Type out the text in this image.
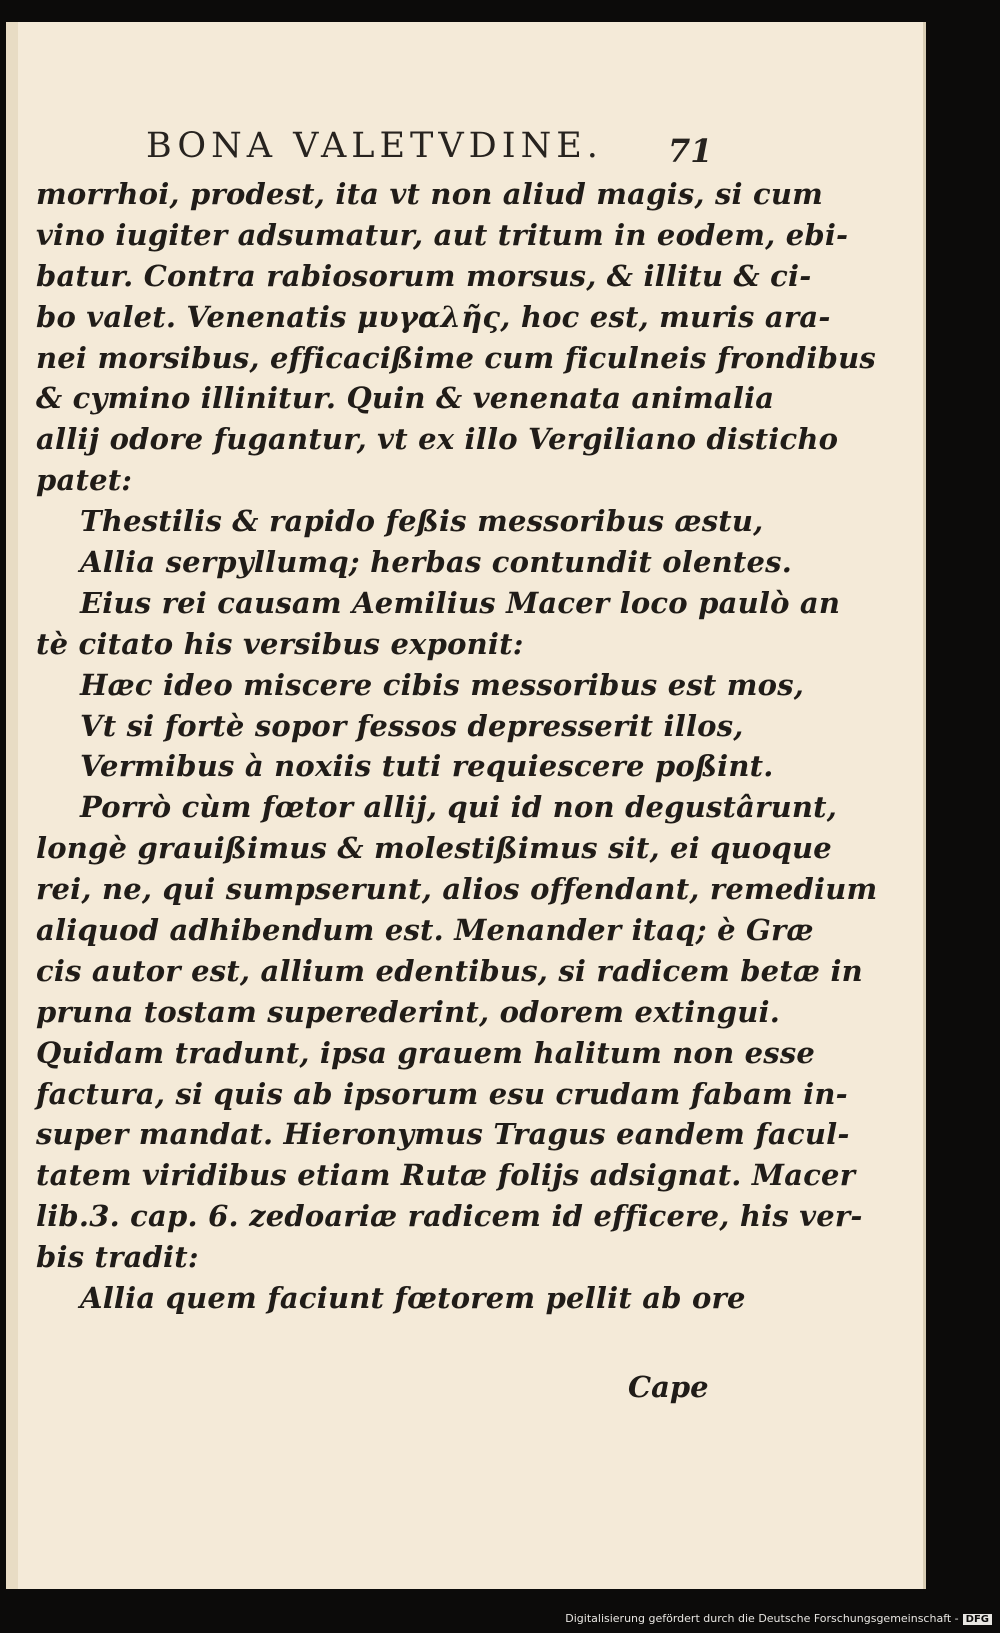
BONA VALETVDINE. 71
morrhoi, prodest, ita vt non aliud magis, si cum
vino iugiter adsumatur, aut tritum in eodem, ebi-
batur. Contra rabiosorum morsus, & illitu & ci-
bo valet. Venenatis μυγαλῆς, hoc est, muris ara-
nei morsibus, efficacißime cum ficulneis frondibus
& cymino illinitur. Quin & venenata animalia
allij odore fugantur, vt ex illo Vergiliano disticho
patet:
Thestilis & rapido feßis messoribus æstu,
Allia serpyllumq; herbas contundit olentes.
Eius rei causam Aemilius Macer loco paulò an
tè citato his versibus exponit:
Hæc ideo miscere cibis messoribus est mos,
Vt si fortè sopor fessos depresserit illos,
Vermibus à noxiis tuti requiescere poßint.
Porrò cùm fœtor allij, qui id non degustârunt,
longè grauißimus & molestißimus sit, ei quoque
rei, ne, qui sumpserunt, alios offendant, remedium
aliquod adhibendum est. Menander itaq; è Græ
cis autor est, allium edentibus, si radicem betæ in
pruna tostam superederint, odorem extingui.
Quidam tradunt, ipsa grauem halitum non esse
factura, si quis ab ipsorum esu crudam fabam in-
super mandat. Hieronymus Tragus eandem facul-
tatem viridibus etiam Rutæ folijs adsignat. Macer
lib.3. cap. 6. zedoariæ radicem id efficere, his ver-
bis tradit:
Allia quem faciunt fœtorem pellit ab ore
Cape
Digitalisierung gefördert durch die Deutsche Forschungsgemeinschaft - DFG
